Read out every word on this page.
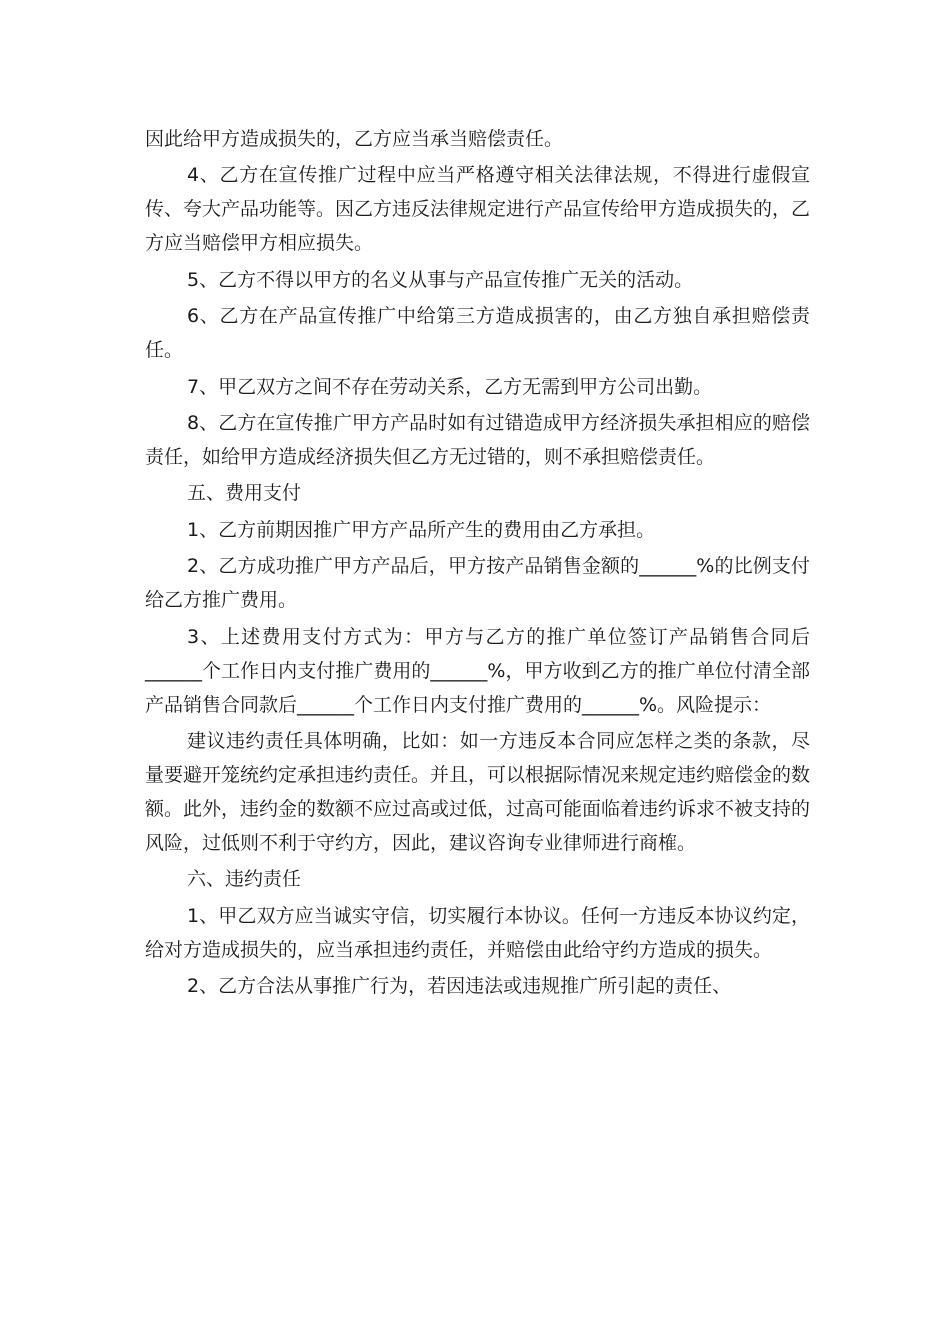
因此给甲方造成损失的，乙方应当承当赔偿责任。

4、乙方在宣传推广过程中应当严格遵守相关法律法规，不得进行虚假宣传、夸大产品功能等。因乙方违反法律规定进行产品宣传给甲方造成损失的，乙方应当赔偿甲方相应损失。

5、乙方不得以甲方的名义从事与产品宣传推广无关的活动。

6、乙方在产品宣传推广中给第三方造成损害的，由乙方独自承担赔偿责任。

7、甲乙双方之间不存在劳动关系，乙方无需到甲方公司出勤。

8、乙方在宣传推广甲方产品时如有过错造成甲方经济损失承担相应的赔偿责任，如给甲方造成经济损失但乙方无过错的，则不承担赔偿责任。

五、费用支付

1、乙方前期因推广甲方产品所产生的费用由乙方承担。

2、乙方成功推广甲方产品后，甲方按产品销售金额的______%的比例支付给乙方推广费用。

3、上述费用支付方式为：甲方与乙方的推广单位签订产品销售合同后______个工作日内支付推广费用的______%，甲方收到乙方的推广单位付清全部产品销售合同款后______个工作日内支付推广费用的______%。风险提示：

建议违约责任具体明确，比如：如一方违反本合同应怎样之类的条款，尽量要避开笼统约定承担违约责任。并且，可以根据际情况来规定违约赔偿金的数额。此外，违约金的数额不应过高或过低，过高可能面临着违约诉求不被支持的风险，过低则不利于守约方，因此，建议咨询专业律师进行商榷。

六、违约责任

1、甲乙双方应当诚实守信，切实履行本协议。任何一方违反本协议约定，给对方造成损失的，应当承担违约责任，并赔偿由此给守约方造成的损失。

2、乙方合法从事推广行为，若因违法或违规推广所引起的责任、
